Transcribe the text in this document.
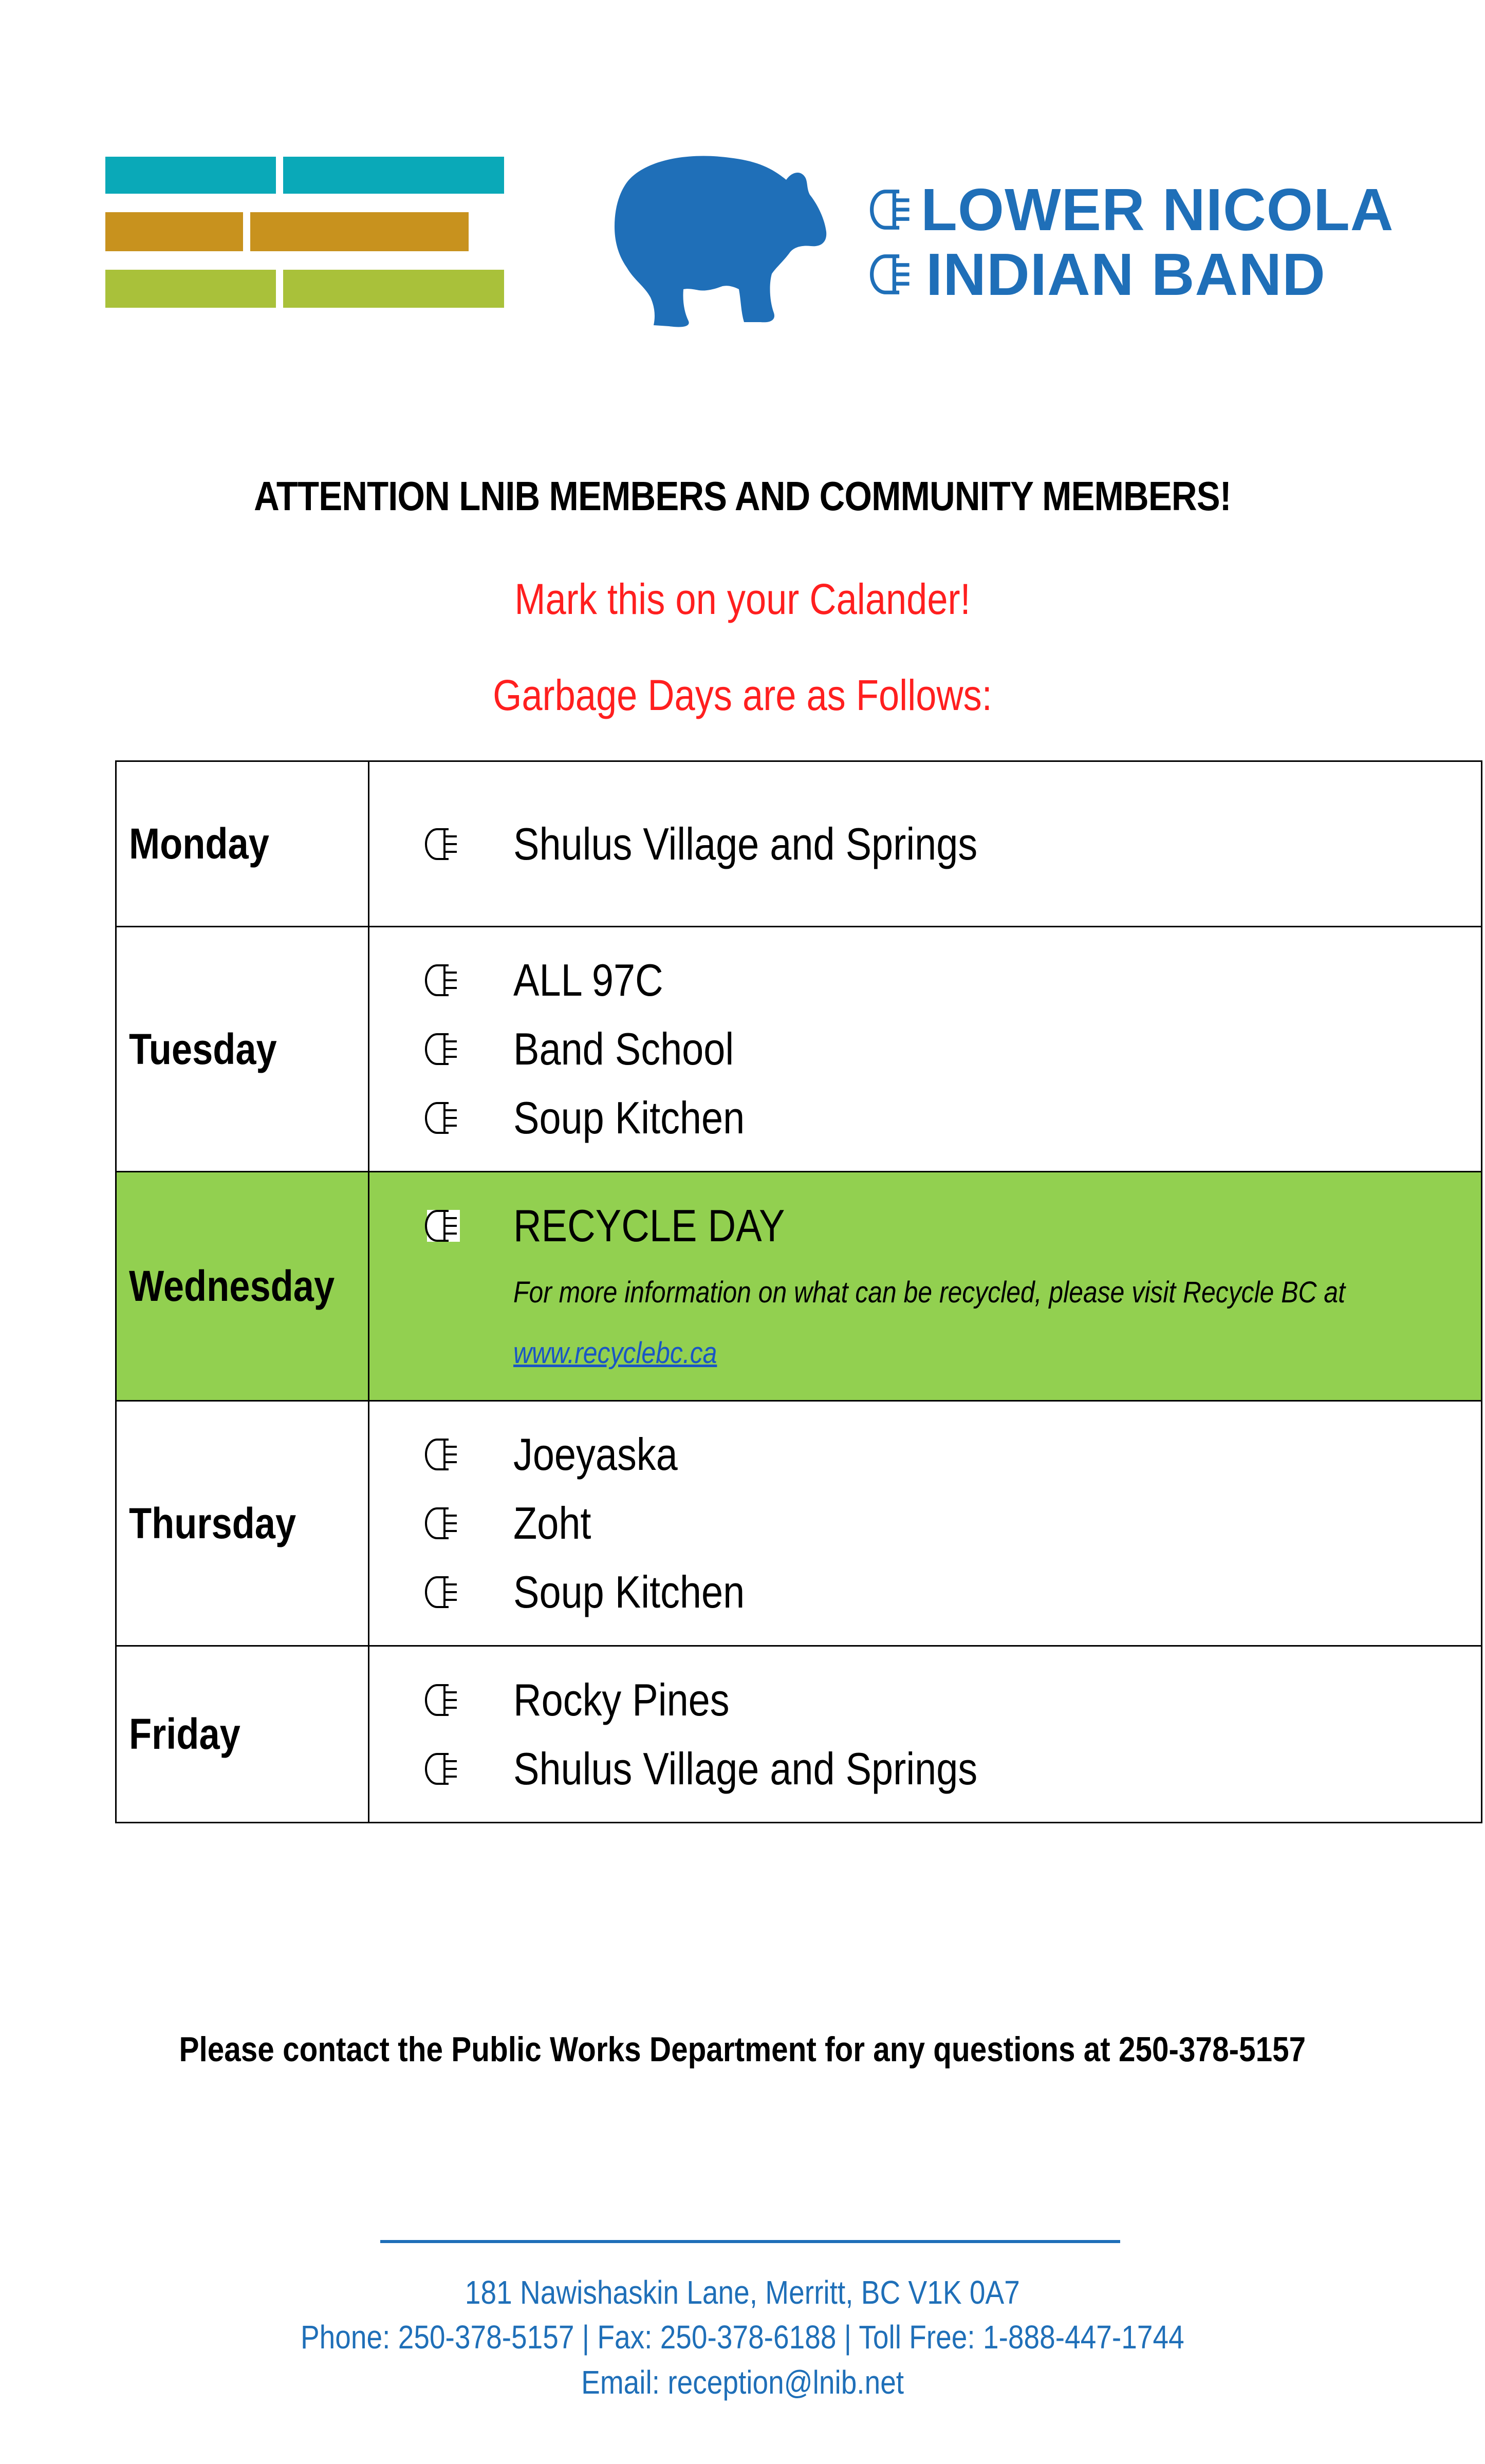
LOWER NICOLA
INDIAN BAND
ATTENTION LNIB MEMBERS AND COMMUNITY MEMBERS!
Mark this on your Calander!
Garbage Days are as Follows:
Monday	Shulus Village and Springs

Tuesday	ALL 97C
Band School
Soup Kitchen

Wednesday	RECYCLE DAY
For more information on what can be recycled, please visit Recycle BC at
www.recyclebc.ca

Thursday	Joeyaska
Zoht
Soup Kitchen

Friday	Rocky Pines
Shulus Village and Springs
Please contact the Public Works Department for any questions at 250-378-5157
181 Nawishaskin Lane, Merritt, BC V1K 0A7
Phone: 250-378-5157 | Fax: 250-378-6188 | Toll Free: 1-888-447-1744
Email: reception@lnib.net
